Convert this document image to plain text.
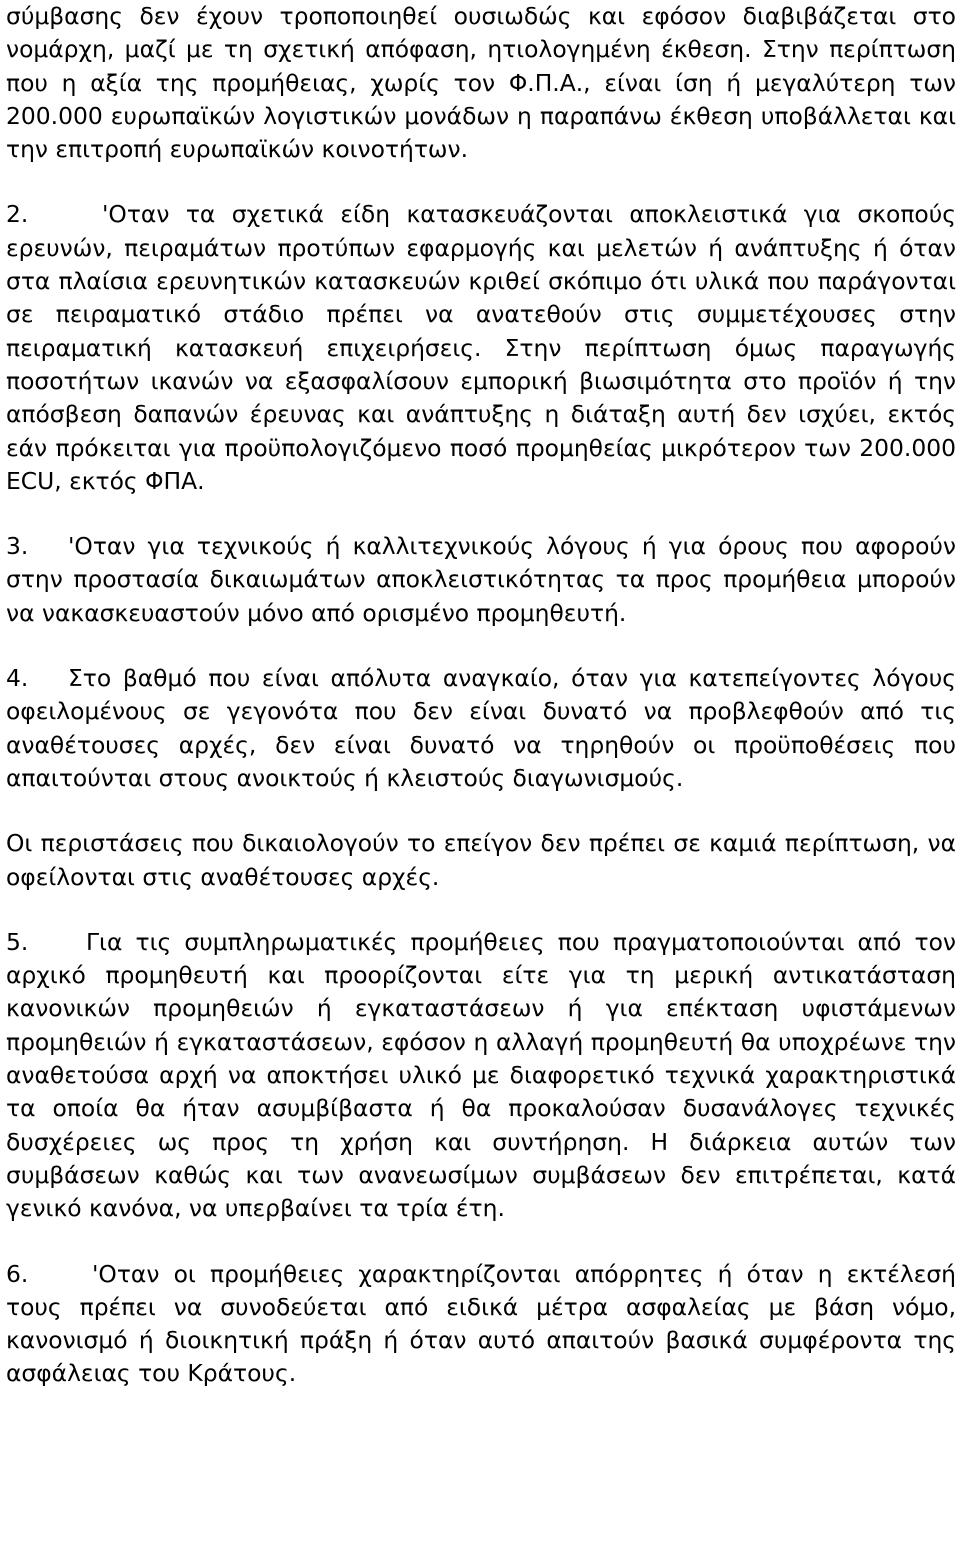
σύμβασης δεν έχουν τροποποιηθεί ουσιωδώς και εφόσον διαβιβάζεται στο νομάρχη, μαζί με τη σχετική απόφαση, ητιολογημένη έκθεση. Στην περίπτωση που η αξία της προμήθειας, χωρίς τον Φ.Π.Α., είναι ίση ή μεγαλύτερη των 200.000 ευρωπαϊκών λογιστικών μονάδων η παραπάνω έκθεση υποβάλλεται και την επιτροπή ευρωπαϊκών κοινοτήτων.

2.	'Οταν τα σχετικά είδη κατασκευάζονται αποκλειστικά για σκοπούς ερευνών, πειραμάτων προτύπων εφαρμογής και μελετών ή ανάπτυξης ή όταν στα πλαίσια ερευνητικών κατασκευών κριθεί σκόπιμο ότι υλικά που παράγονται σε πειραματικό στάδιο πρέπει να ανατεθούν στις συμμετέχουσες στην πειραματική κατασκευή επιχειρήσεις. Στην περίπτωση όμως παραγωγής ποσοτήτων ικανών να εξασφαλίσουν εμπορική βιωσιμότητα στο προϊόν ή την απόσβεση δαπανών έρευνας και ανάπτυξης η διάταξη αυτή δεν ισχύει, εκτός εάν πρόκειται για προϋπολογιζόμενο ποσό προμηθείας μικρότερον των 200.000 ECU, εκτός ΦΠΑ.

3. 'Οταν για τεχνικούς ή καλλιτεχνικούς λόγους ή για όρους που αφορούν στην προστασία δικαιωμάτων αποκλειστικότητας τα προς προμήθεια μπορούν να νακασκευαστούν μόνο από ορισμένο προμηθευτή.

4. Στο βαθμό που είναι απόλυτα αναγκαίο, όταν για κατεπείγοντες λόγους οφειλομένους σε γεγονότα που δεν είναι δυνατό να προβλεφθούν από τις αναθέτουσες αρχές, δεν είναι δυνατό να τηρηθούν οι προϋποθέσεις που απαιτούνται στους ανοικτούς ή κλειστούς διαγωνισμούς.

Οι περιστάσεις που δικαιολογούν το επείγον δεν πρέπει σε καμιά περίπτωση, να οφείλονται στις αναθέτουσες αρχές.

5. Για τις συμπληρωματικές προμήθειες που πραγματοποιούνται από τον αρχικό προμηθευτή και προορίζονται είτε για τη μερική αντικατάσταση κανονικών προμηθειών ή εγκαταστάσεων ή για επέκταση υφιστάμενων προμηθειών ή εγκαταστάσεων, εφόσον η αλλαγή προμηθευτή θα υποχρέωνε την αναθετούσα αρχή να αποκτήσει υλικό με διαφορετικό τεχνικά χαρακτηριστικά τα οποία θα ήταν ασυμβίβαστα ή θα προκαλούσαν δυσανάλογες τεχνικές δυσχέρειες ως προς τη χρήση και συντήρηση. Η διάρκεια αυτών των συμβάσεων καθώς και των ανανεωσίμων συμβάσεων δεν επιτρέπεται, κατά γενικό κανόνα, να υπερβαίνει τα τρία έτη.

6.	'Οταν οι προμήθειες χαρακτηρίζονται απόρρητες ή όταν η εκτέλεσή τους πρέπει να συνοδεύεται από ειδικά μέτρα ασφαλείας με βάση νόμο, κανονισμό ή διοικητική πράξη ή όταν αυτό απαιτούν βασικά συμφέροντα της ασφάλειας του Κράτους.
